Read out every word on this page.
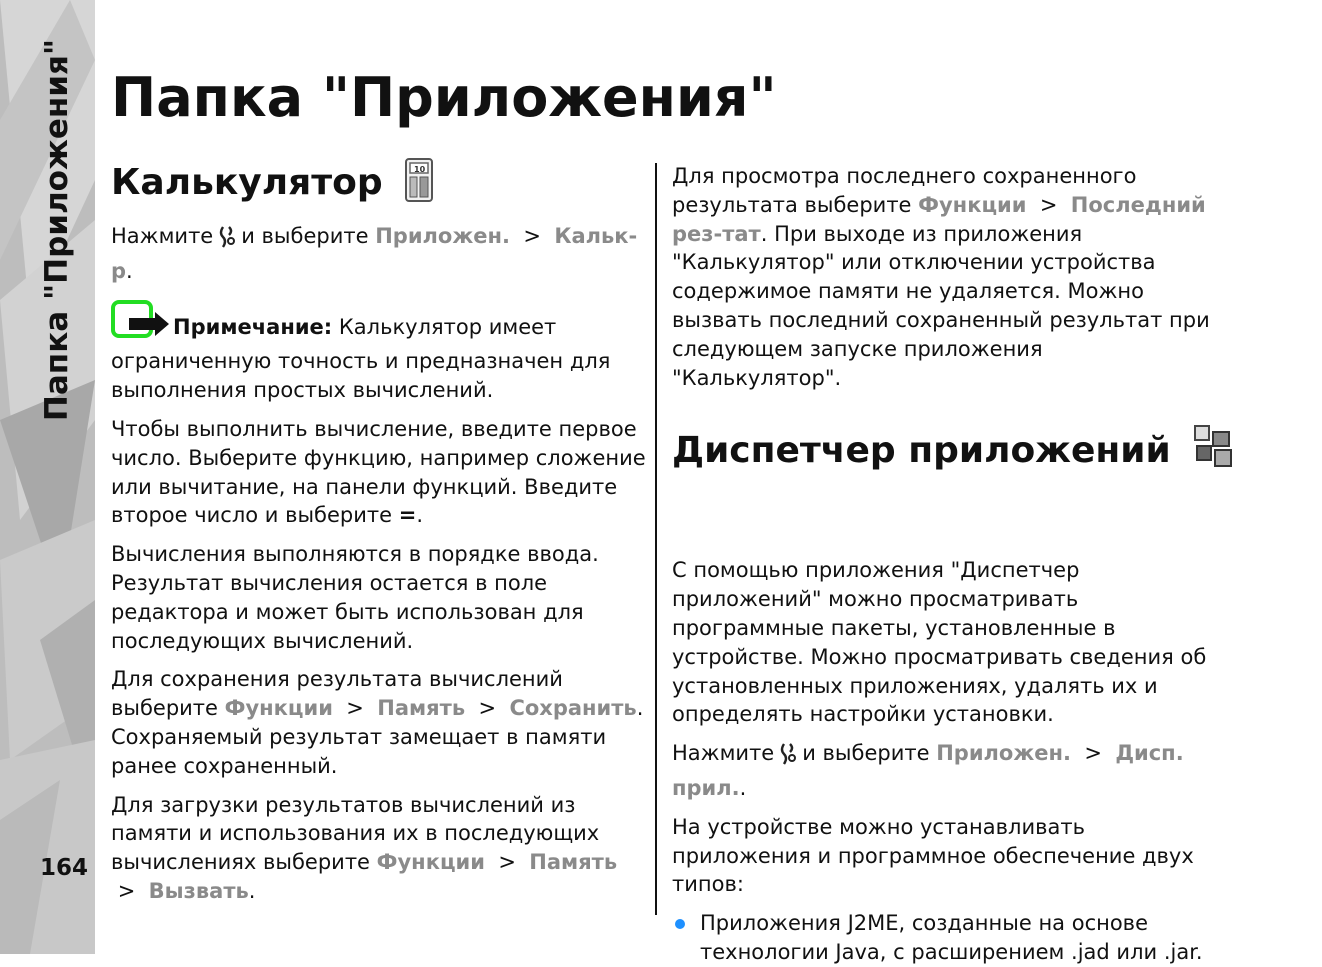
Папка "Приложения"
164
Папка "Приложения"
Калькулятор	10

Нажмите и выберите Приложен. > Кальк-р.

Примечание: Калькулятор имеет ограниченную точность и предназначен для выполнения простых вычислений.

Чтобы выполнить вычисление, введите первое число. Выберите функцию, например сложение или вычитание, на панели функций. Введите второе число и выберите =.

Вычисления выполняются в порядке ввода. Результат вычисления остается в поле редактора и может быть использован для последующих вычислений.

Для сохранения результата вычислений выберите Функции > Память > Сохранить. Сохраняемый результат замещает в памяти ранее сохраненный.

Для загрузки результатов вычислений из памяти и использования их в последующих вычислениях выберите Функции > Память  > Вызвать.

Для просмотра последнего сохраненного результата выберите Функции > Последний рез-тат. При выходе из приложения "Калькулятор" или отключении устройства содержимое памяти не удаляется. Можно вызвать последний сохраненный результат при следующем запуске приложения "Калькулятор".

Диспетчер приложений

С помощью приложения "Диспетчер приложений" можно просматривать программные пакеты, установленные в устройстве. Можно просматривать сведения об установленных приложениях, удалять их и определять настройки установки.

Нажмите и выберите Приложен. > Дисп. прил..

На устройстве можно устанавливать приложения и программное обеспечение двух типов:

Приложения J2ME, созданные на основе технологии Java, с расширением .jad или .jar.
